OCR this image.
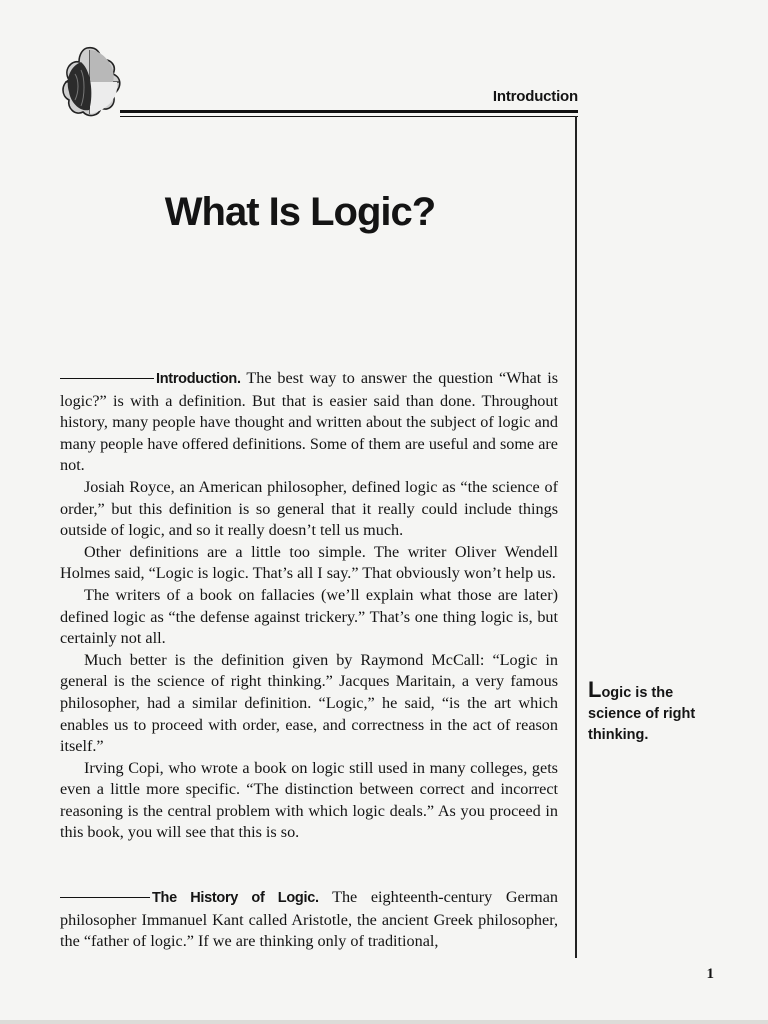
Introduction
What Is Logic?

Introduction. The best way to answer the question “What is logic?” is with a definition. But that is easier said than done. Throughout history, many people have thought and written about the subject of logic and many people have offered definitions. Some of them are useful and some are not.

Josiah Royce, an American philosopher, defined logic as “the science of order,” but this definition is so general that it really could include things outside of logic, and so it really doesn’t tell us much.

Other definitions are a little too simple. The writer Oliver Wendell Holmes said, “Logic is logic. That’s all I say.” That obviously won’t help us.

The writers of a book on fallacies (we’ll explain what those are later) defined logic as “the defense against trickery.” That’s one thing logic is, but certainly not all.

Much better is the definition given by Raymond McCall: “Logic in general is the science of right thinking.” Jacques Maritain, a very famous philosopher, had a similar definition. “Logic,” he said, “is the art which enables us to proceed with order, ease, and correctness in the act of reason itself.”

Irving Copi, who wrote a book on logic still used in many colleges, gets even a little more specific. “The distinction between correct and incorrect reasoning is the central problem with which logic deals.” As you proceed in this book, you will see that this is so.

The History of Logic. The eighteenth-century German philosopher Immanuel Kant called Aristotle, the ancient Greek philosopher, the “father of logic.” If we are thinking only of traditional,

Logic is the science of right thinking.
1
